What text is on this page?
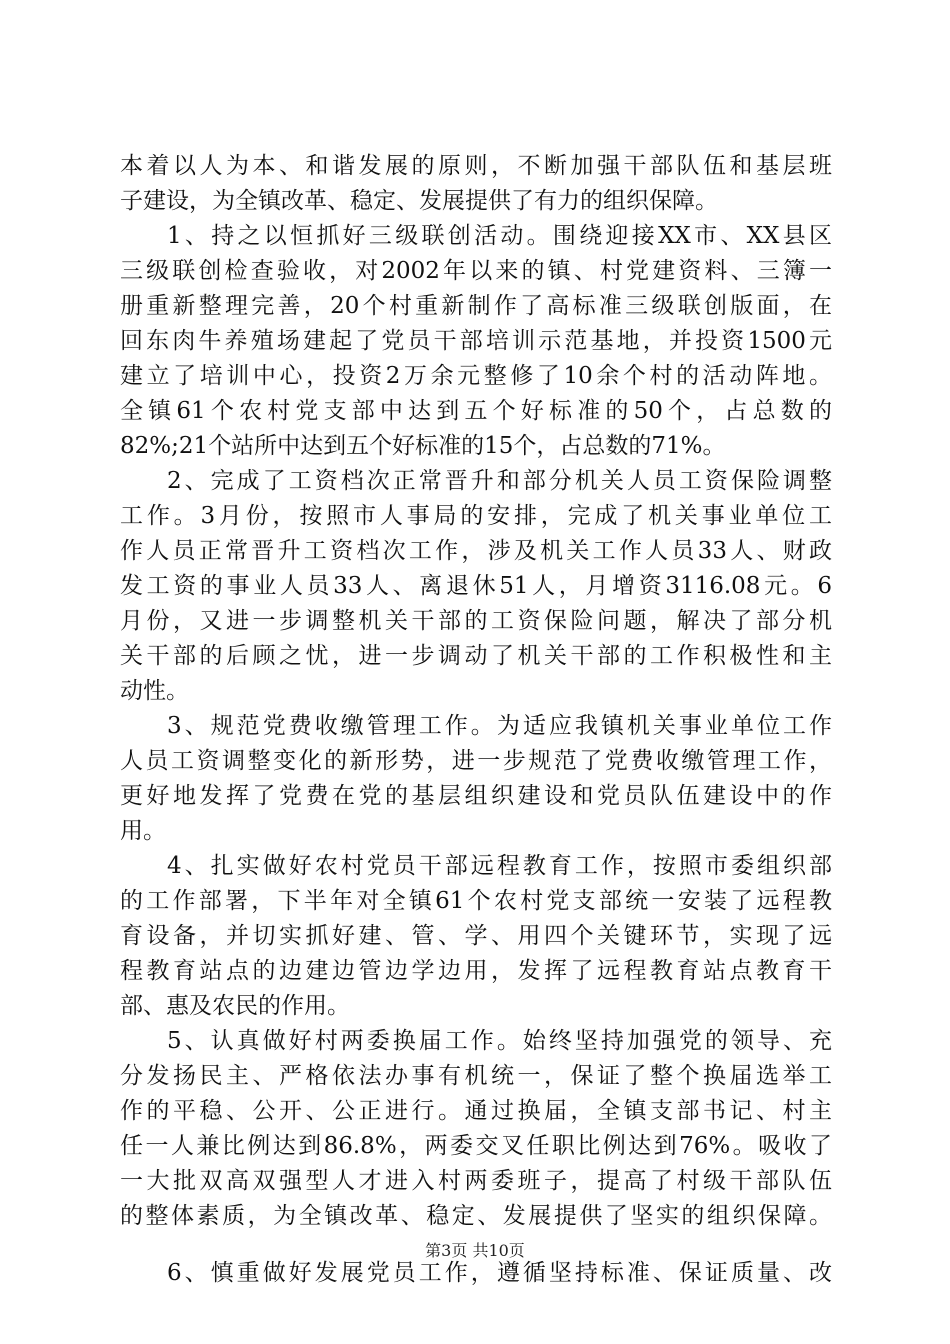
本着以人为本、和谐发展的原则，不断加强干部队伍和基层班
子建设，为全镇改革、稳定、发展提供了有力的组织保障。
1、持之以恒抓好三级联创活动。围绕迎接XX市、XX县区
三级联创检查验收，对2002年以来的镇、村党建资料、三簿一
册重新整理完善，20个村重新制作了高标准三级联创版面，在
回东肉牛养殖场建起了党员干部培训示范基地，并投资1500元
建立了培训中心，投资2万余元整修了10余个村的活动阵地。
全镇61个农村党支部中达到五个好标准的50个，占总数的
82%;21个站所中达到五个好标准的15个，占总数的71%。
2、完成了工资档次正常晋升和部分机关人员工资保险调整
工作。3月份，按照市人事局的安排，完成了机关事业单位工
作人员正常晋升工资档次工作，涉及机关工作人员33人、财政
发工资的事业人员33人、离退休51人，月增资3116.08元。6
月份，又进一步调整机关干部的工资保险问题，解决了部分机
关干部的后顾之忧，进一步调动了机关干部的工作积极性和主
动性。
3、规范党费收缴管理工作。为适应我镇机关事业单位工作
人员工资调整变化的新形势，进一步规范了党费收缴管理工作，
更好地发挥了党费在党的基层组织建设和党员队伍建设中的作
用。
4、扎实做好农村党员干部远程教育工作，按照市委组织部
的工作部署，下半年对全镇61个农村党支部统一安装了远程教
育设备，并切实抓好建、管、学、用四个关键环节，实现了远
程教育站点的边建边管边学边用，发挥了远程教育站点教育干
部、惠及农民的作用。
5、认真做好村两委换届工作。始终坚持加强党的领导、充
分发扬民主、严格依法办事有机统一，保证了整个换届选举工
作的平稳、公开、公正进行。通过换届，全镇支部书记、村主
任一人兼比例达到86.8%，两委交叉任职比例达到76%。吸收了
一大批双高双强型人才进入村两委班子，提高了村级干部队伍
的整体素质，为全镇改革、稳定、发展提供了坚实的组织保障。
6、慎重做好发展党员工作，遵循坚持标准、保证质量、改
第3页 共10页
